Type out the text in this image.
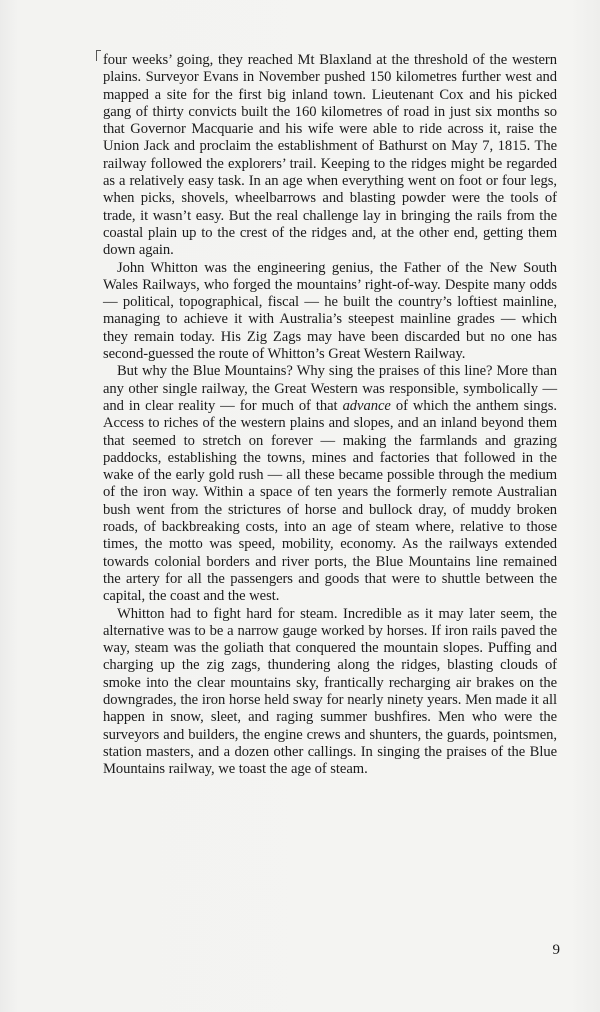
four weeks’ going, they reached Mt Blaxland at the threshold of the western plains. Surveyor Evans in November pushed 150 kilometres further west and mapped a site for the first big inland town. Lieutenant Cox and his picked gang of thirty convicts built the 160 kilometres of road in just six months so that Governor Macquarie and his wife were able to ride across it, raise the Union Jack and proclaim the establishment of Bathurst on May 7, 1815. The railway followed the explorers’ trail. Keeping to the ridges might be regarded as a relatively easy task. In an age when everything went on foot or four legs, when picks, shovels, wheelbarrows and blasting powder were the tools of trade, it wasn’t easy. But the real challenge lay in bringing the rails from the coastal plain up to the crest of the ridges and, at the other end, getting them down again.

John Whitton was the engineering genius, the Father of the New South Wales Railways, who forged the mountains’ right-of-way. Despite many odds — political, topographical, fiscal — he built the country’s loftiest mainline, managing to achieve it with Australia’s steepest mainline grades — which they remain today. His Zig Zags may have been discarded but no one has second-guessed the route of Whitton’s Great Western Railway.

But why the Blue Mountains? Why sing the praises of this line? More than any other single railway, the Great Western was responsible, symbolically — and in clear reality — for much of that advance of which the anthem sings. Access to riches of the western plains and slopes, and an inland beyond them that seemed to stretch on forever — making the farmlands and grazing paddocks, establishing the towns, mines and factories that followed in the wake of the early gold rush — all these became possible through the medium of the iron way. Within a space of ten years the formerly remote Australian bush went from the strictures of horse and bullock dray, of muddy broken roads, of backbreaking costs, into an age of steam where, relative to those times, the motto was speed, mobility, economy. As the railways extended towards colonial borders and river ports, the Blue Mountains line remained the artery for all the passengers and goods that were to shuttle between the capital, the coast and the west.

Whitton had to fight hard for steam. Incredible as it may later seem, the alternative was to be a narrow gauge worked by horses. If iron rails paved the way, steam was the goliath that conquered the mountain slopes. Puffing and charging up the zig zags, thundering along the ridges, blasting clouds of smoke into the clear mountains sky, frantically recharging air brakes on the downgrades, the iron horse held sway for nearly ninety years. Men made it all happen in snow, sleet, and raging summer bushfires. Men who were the surveyors and builders, the engine crews and shunters, the guards, pointsmen, station masters, and a dozen other callings. In singing the praises of the Blue Mountains railway, we toast the age of steam.

9
